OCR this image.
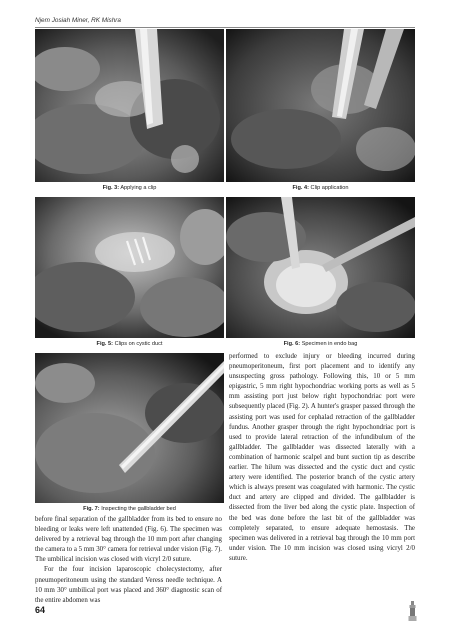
Njem Josiah Miner, RK Mishra
Fig. 3: Applying a clip	Fig. 4: Clip application
Fig. 5: Clips on cystic duct	Fig. 6: Specimen in endo bag
Fig. 7: Inspecting the gallbladder bed

before final separation of the gallbladder from its bed to ensure no bleeding or leaks were left unattended (Fig. 6). The specimen was delivered by a retrieval bag through the 10 mm port after changing the camera to a 5 mm 30° camera for retrieval under vision (Fig. 7). The umbilical incision was closed with vicryl 2/0 suture.

For the four incision laparoscopic cholecystectomy, after pneumoperitoneum using the standard Veress needle technique. A 10 mm 30° umbilical port was placed and 360° diagnostic scan of the entire abdomen was

performed to exclude injury or bleeding incurred during pneumoperitoneum, first port placement and to identify any unsuspecting gross pathology. Following this, 10 or 5 mm epigastric, 5 mm right hypochondriac working ports as well as 5 mm assisting port just below right hypochondriac port were subsequently placed (Fig. 2). A hunter's grasper passed through the assisting port was used for cephalad retraction of the gallbladder fundus. Another grasper through the right hypochondriac port is used to provide lateral retraction of the infundibulum of the gallbladder. The gallbladder was dissected laterally with a combination of harmonic scalpel and bunt suction tip as describe earlier. The hilum was dissected and the cystic duct and cystic artery were identified. The posterior branch of the cystic artery which is always present was coagulated with harmonic. The cystic duct and artery are clipped and divided. The gallbladder is dissected from the liver bed along the cystic plate. Inspection of the bed was done before the last bit of the gallbladder was completely separated, to ensure adequate hemostasis. The specimen was delivered in a retrieval bag through the 10 mm port under vision. The 10 mm incision was closed using vicryl 2/0 suture.

64
